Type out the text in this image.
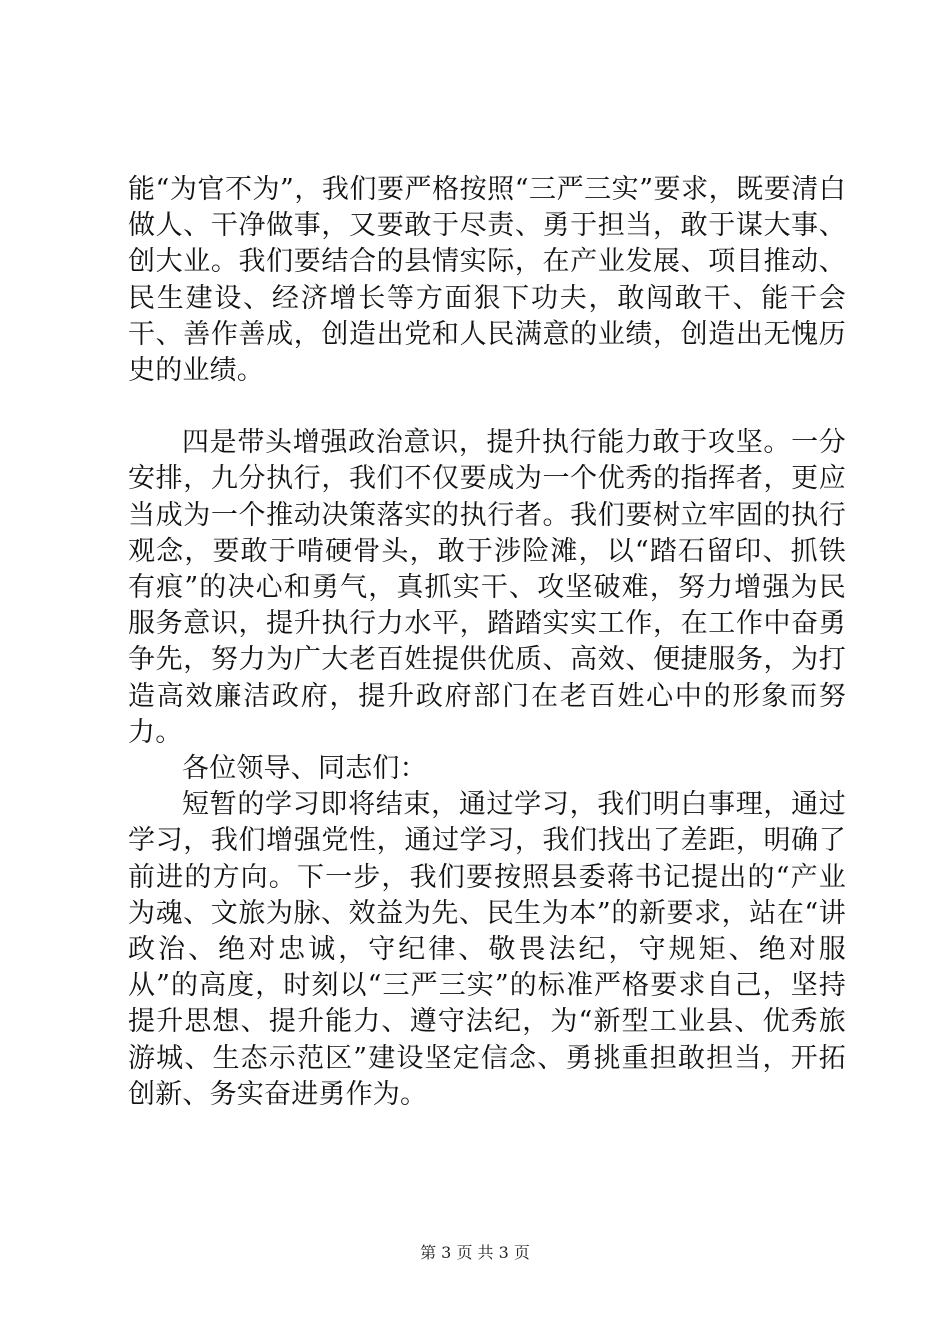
能“为官不为”，我们要严格按照“三严三实”要求，既要清白做人、干净做事，又要敢于尽责、勇于担当，敢于谋大事、创大业。我们要结合的县情实际，在产业发展、项目推动、民生建设、经济增长等方面狠下功夫，敢闯敢干、能干会干、善作善成，创造出党和人民满意的业绩，创造出无愧历史的业绩。

四是带头增强政治意识，提升执行能力敢于攻坚。一分安排，九分执行，我们不仅要成为一个优秀的指挥者，更应当成为一个推动决策落实的执行者。我们要树立牢固的执行观念，要敢于啃硬骨头，敢于涉险滩，以“踏石留印、抓铁有痕”的决心和勇气，真抓实干、攻坚破难，努力增强为民服务意识，提升执行力水平，踏踏实实工作，在工作中奋勇争先，努力为广大老百姓提供优质、高效、便捷服务，为打造高效廉洁政府，提升政府部门在老百姓心中的形象而努力。

各位领导、同志们：

短暂的学习即将结束，通过学习，我们明白事理，通过学习，我们增强党性，通过学习，我们找出了差距，明确了前进的方向。下一步，我们要按照县委蒋书记提出的“产业为魂、文旅为脉、效益为先、民生为本”的新要求，站在“讲政治、绝对忠诚，守纪律、敬畏法纪，守规矩、绝对服从”的高度，时刻以“三严三实”的标准严格要求自己，坚持提升思想、提升能力、遵守法纪，为“新型工业县、优秀旅游城、生态示范区”建设坚定信念、勇挑重担敢担当，开拓创新、务实奋进勇作为。

第 3 页 共 3 页
